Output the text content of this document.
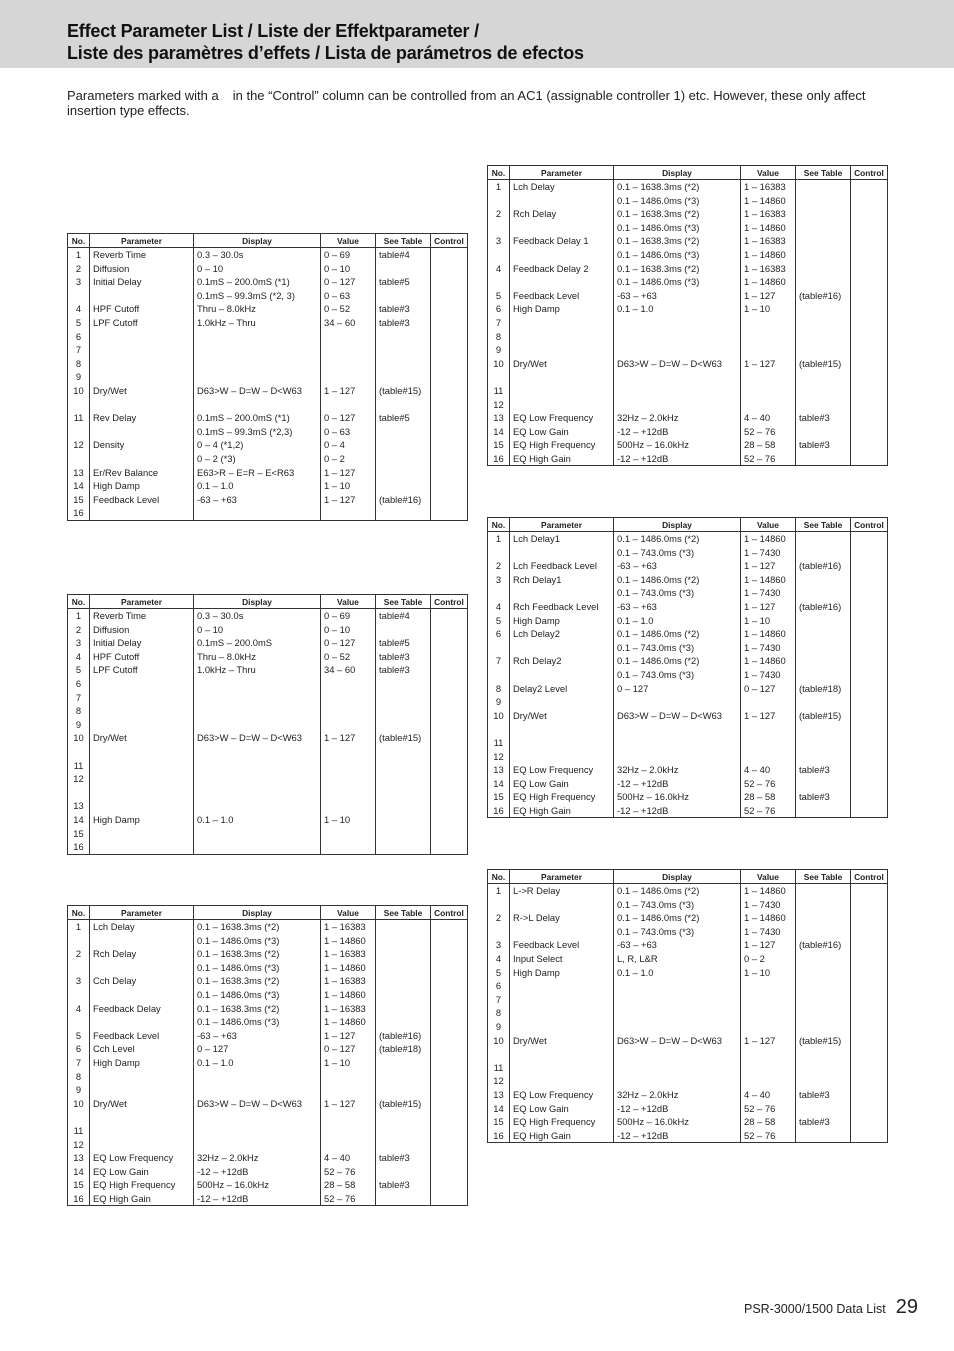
Effect Parameter List / Liste der Effektparameter /
Liste des paramètres d’effets / Lista de parámetros de efectos

Parameters marked with a in the “Control” column can be controlled from an AC1 (assignable controller 1) etc. However, these only affect insertion type effects.

No.	Parameter	Display	Value	See Table	Control
1	Reverb Time	0.3 – 30.0s	0 – 69	table#4	
2	Diffusion	0 – 10	0 – 10		
3	Initial Delay	0.1mS – 200.0mS (*1)	0 – 127	table#5	
		0.1mS – 99.3mS (*2, 3)	0 – 63		
4	HPF Cutoff	Thru – 8.0kHz	0 – 52	table#3	
5	LPF Cutoff	1.0kHz – Thru	34 – 60	table#3	
6					
7					
8					
9					
10	Dry/Wet	D63>W – D=W – D<W63	1 – 127	(table#15)	

11	Rev Delay	0.1mS – 200.0mS (*1)	0 – 127	table#5	
		0.1mS – 99.3mS (*2,3)	0 – 63		
12	Density	0 – 4 (*1,2)	0 – 4		
		0 – 2 (*3)	0 – 2		
13	Er/Rev Balance	E63>R – E=R – E<R63	1 – 127		
14	High Damp	0.1 – 1.0	1 – 10		
15	Feedback Level	-63 – +63	1 – 127	(table#16)	
16					
No.	Parameter	Display	Value	See Table	Control
1	Reverb Time	0.3 – 30.0s	0 – 69	table#4	
2	Diffusion	0 – 10	0 – 10		
3	Initial Delay	0.1mS – 200.0mS	0 – 127	table#5	
4	HPF Cutoff	Thru – 8.0kHz	0 – 52	table#3	
5	LPF Cutoff	1.0kHz – Thru	34 – 60	table#3	
6					
7					
8					
9					
10	Dry/Wet	D63>W – D=W – D<W63	1 – 127	(table#15)	

11					
12					

13					
14	High Damp	0.1 – 1.0	1 – 10		
15					
16					
No.	Parameter	Display	Value	See Table	Control
1	Lch Delay	0.1 – 1638.3ms (*2)	1 – 16383		
		0.1 – 1486.0ms (*3)	1 – 14860		
2	Rch Delay	0.1 – 1638.3ms (*2)	1 – 16383		
		0.1 – 1486.0ms (*3)	1 – 14860		
3	Cch Delay	0.1 – 1638.3ms (*2)	1 – 16383		
		0.1 – 1486.0ms (*3)	1 – 14860		
4	Feedback Delay	0.1 – 1638.3ms (*2)	1 – 16383		
		0.1 – 1486.0ms (*3)	1 – 14860		
5	Feedback Level	-63 – +63	1 – 127	(table#16)	
6	Cch Level	0 – 127	0 – 127	(table#18)	
7	High Damp	0.1 – 1.0	1 – 10		
8					
9					
10	Dry/Wet	D63>W – D=W – D<W63	1 – 127	(table#15)	

11					
12					
13	EQ Low Frequency	32Hz – 2.0kHz	4 – 40	table#3	
14	EQ Low Gain	-12 – +12dB	52 – 76		
15	EQ High Frequency	500Hz – 16.0kHz	28 – 58	table#3	
16	EQ High Gain	-12 – +12dB	52 – 76		
No.	Parameter	Display	Value	See Table	Control
1	Lch Delay	0.1 – 1638.3ms (*2)	1 – 16383		
		0.1 – 1486.0ms (*3)	1 – 14860		
2	Rch Delay	0.1 – 1638.3ms (*2)	1 – 16383		
		0.1 – 1486.0ms (*3)	1 – 14860		
3	Feedback Delay 1	0.1 – 1638.3ms (*2)	1 – 16383		
		0.1 – 1486.0ms (*3)	1 – 14860		
4	Feedback Delay 2	0.1 – 1638.3ms (*2)	1 – 16383		
		0.1 – 1486.0ms (*3)	1 – 14860		
5	Feedback Level	-63 – +63	1 – 127	(table#16)	
6	High Damp	0.1 – 1.0	1 – 10		
7					
8					
9					
10	Dry/Wet	D63>W – D=W – D<W63	1 – 127	(table#15)	

11					
12					
13	EQ Low Frequency	32Hz – 2.0kHz	4 – 40	table#3	
14	EQ Low Gain	-12 – +12dB	52 – 76		
15	EQ High Frequency	500Hz – 16.0kHz	28 – 58	table#3	
16	EQ High Gain	-12 – +12dB	52 – 76		
No.	Parameter	Display	Value	See Table	Control
1	Lch Delay1	0.1 – 1486.0ms (*2)	1 – 14860		
		0.1 – 743.0ms (*3)	1 – 7430		
2	Lch Feedback Level	-63 – +63	1 – 127	(table#16)	
3	Rch Delay1	0.1 – 1486.0ms (*2)	1 – 14860		
		0.1 – 743.0ms (*3)	1 – 7430		
4	Rch Feedback Level	-63 – +63	1 – 127	(table#16)	
5	High Damp	0.1 – 1.0	1 – 10		
6	Lch Delay2	0.1 – 1486.0ms (*2)	1 – 14860		
		0.1 – 743.0ms (*3)	1 – 7430		
7	Rch Delay2	0.1 – 1486.0ms (*2)	1 – 14860		
		0.1 – 743.0ms (*3)	1 – 7430		
8	Delay2 Level	0 – 127	0 – 127	(table#18)	
9					
10	Dry/Wet	D63>W – D=W – D<W63	1 – 127	(table#15)	

11					
12					
13	EQ Low Frequency	32Hz – 2.0kHz	4 – 40	table#3	
14	EQ Low Gain	-12 – +12dB	52 – 76		
15	EQ High Frequency	500Hz – 16.0kHz	28 – 58	table#3	
16	EQ High Gain	-12 – +12dB	52 – 76		
No.	Parameter	Display	Value	See Table	Control
1	L->R Delay	0.1 – 1486.0ms (*2)	1 – 14860		
		0.1 – 743.0ms (*3)	1 – 7430		
2	R->L Delay	0.1 – 1486.0ms (*2)	1 – 14860		
		0.1 – 743.0ms (*3)	1 – 7430		
3	Feedback Level	-63 – +63	1 – 127	(table#16)	
4	Input Select	L, R, L&R	0 – 2		
5	High Damp	0.1 – 1.0	1 – 10		
6					
7					
8					
9					
10	Dry/Wet	D63>W – D=W – D<W63	1 – 127	(table#15)	

11					
12					
13	EQ Low Frequency	32Hz – 2.0kHz	4 – 40	table#3	
14	EQ Low Gain	-12 – +12dB	52 – 76		
15	EQ High Frequency	500Hz – 16.0kHz	28 – 58	table#3	
16	EQ High Gain	-12 – +12dB	52 – 76		
PSR-3000/1500 Data List 29
